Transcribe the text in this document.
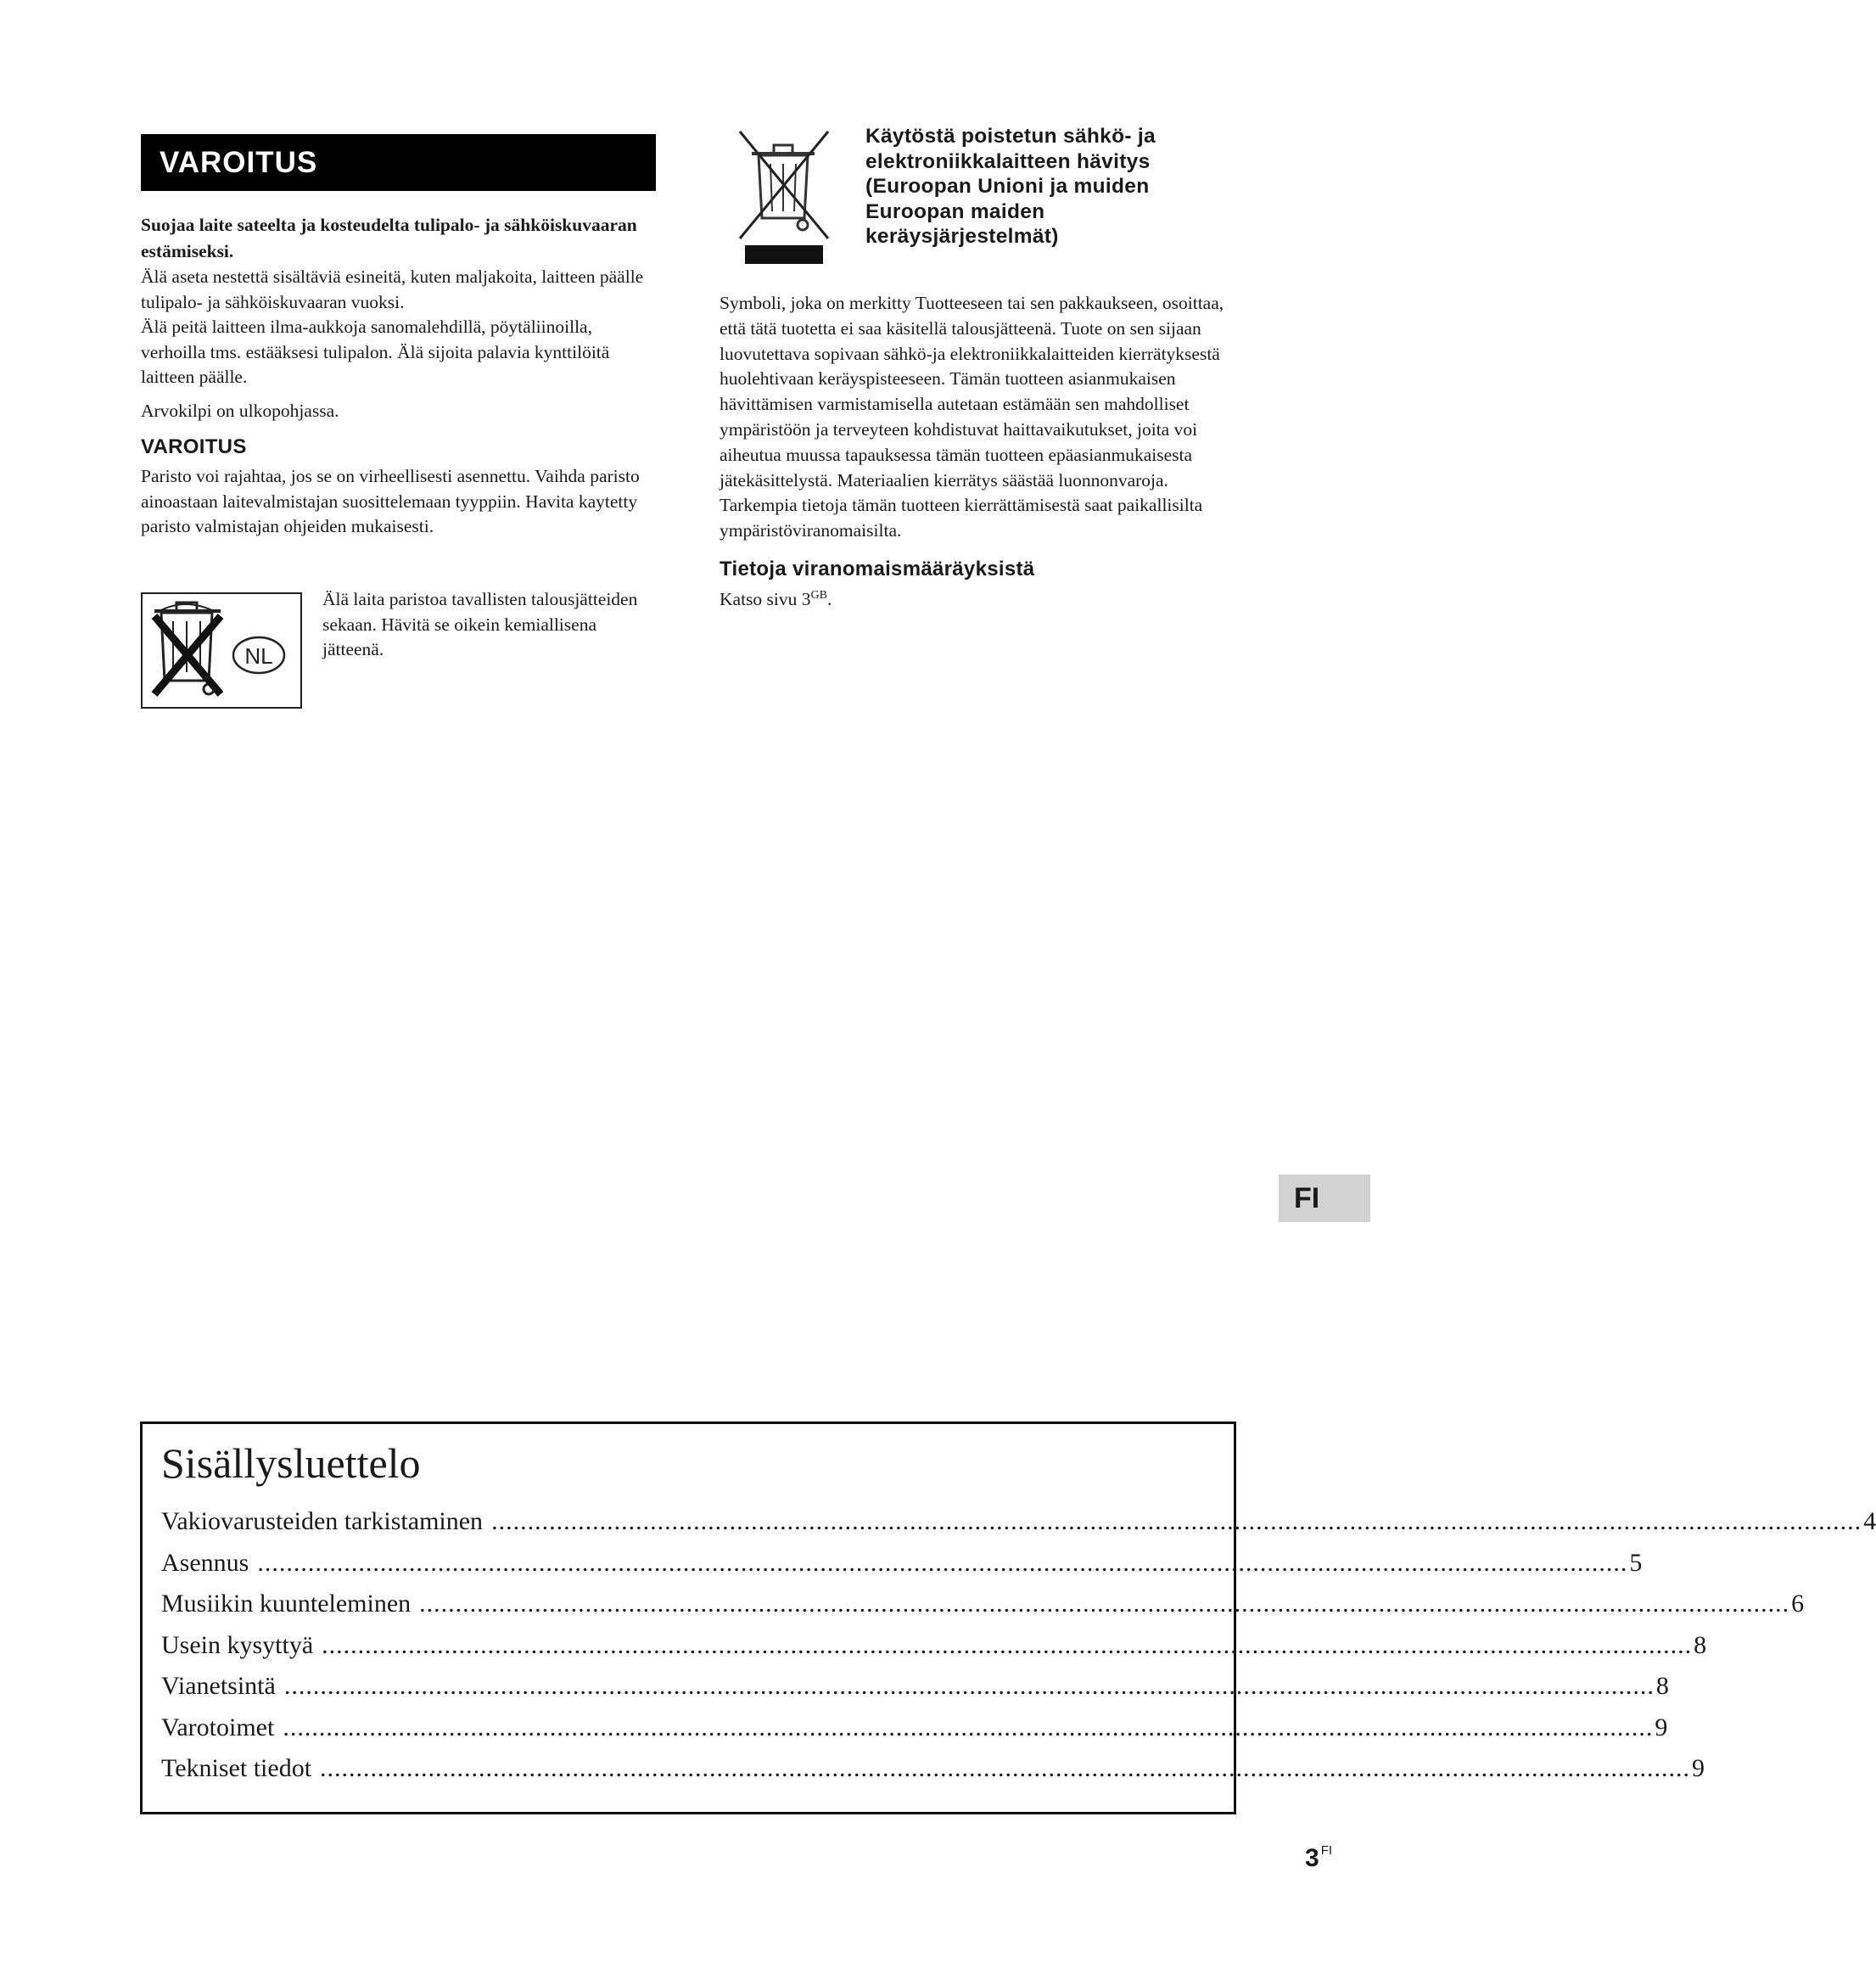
VAROITUS

Suojaa laite sateelta ja kosteudelta tulipalo- ja sähköiskuvaaran estämiseksi.

Älä aseta nestettä sisältäviä esineitä, kuten maljakoita, laitteen päälle tulipalo- ja sähköiskuvaaran vuoksi.
Älä peitä laitteen ilma-aukkoja sanomalehdillä, pöytäliinoilla, verhoilla tms. estääksesi tulipalon. Älä sijoita palavia kynttilöitä laitteen päälle.

Arvokilpi on ulkopohjassa.

VAROITUS

Paristo voi rajahtaa, jos se on virheellisesti asennettu. Vaihda paristo ainoastaan laitevalmistajan suosittelemaan tyyppiin. Havita kaytetty paristo valmistajan ohjeiden mukaisesti.

NL

Älä laita paristoa tavallisten talousjätteiden sekaan. Hävitä se oikein kemiallisena jätteenä.

Käytöstä poistetun sähkö- ja elektroniikkalaitteen hävitys (Euroopan Unioni ja muiden Euroopan maiden keräysjärjestelmät)

Symboli, joka on merkitty Tuotteeseen tai sen pakkaukseen, osoittaa, että tätä tuotetta ei saa käsitellä talousjätteenä. Tuote on sen sijaan luovutettava sopivaan sähkö-ja elektroniikkalaitteiden kierrätyksestä huolehtivaan keräyspisteeseen. Tämän tuotteen asianmukaisen hävittämisen varmistamisella autetaan estämään sen mahdolliset ympäristöön ja terveyteen kohdistuvat haittavaikutukset, joita voi aiheutua muussa tapauksessa tämän tuotteen epäasianmukaisesta jätekäsittelystä. Materiaalien kierrätys säästää luonnonvaroja. Tarkempia tietoja tämän tuotteen kierrättämisestä saat paikallisilta ympäristöviranomaisilta.

Tietoja viranomaismääräyksistä

Katso sivu $3^{GB}$.

FI
Sisällysluettelo
Vakiovarusteiden tarkistaminen .............................................................................................................................................................................................. 4
Asennus .............................................................................................................................................................................................. 5
Musiikin kuunteleminen .............................................................................................................................................................................................. 6
Usein kysyttyä .............................................................................................................................................................................................. 8
Vianetsintä .............................................................................................................................................................................................. 8
Varotoimet .............................................................................................................................................................................................. 9
Tekniset tiedot .............................................................................................................................................................................................. 9
3 $^{FI}$
